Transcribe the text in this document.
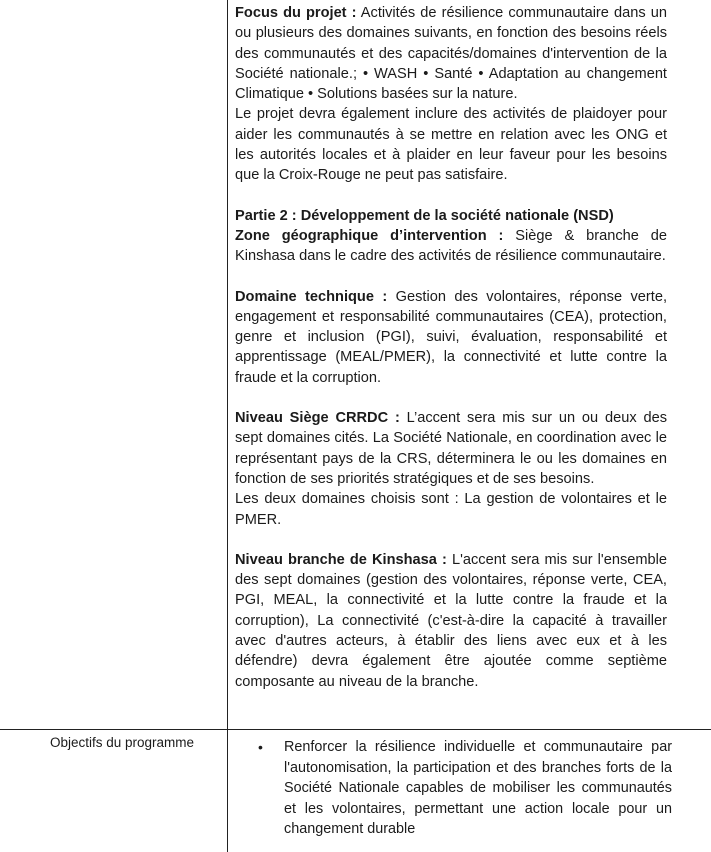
Focus du projet : Activités de résilience communautaire dans un ou plusieurs des domaines suivants, en fonction des besoins réels des communautés et des capacités/domaines d'intervention de la Société nationale.; • WASH • Santé • Adaptation au changement Climatique • Solutions basées sur la nature.

Le projet devra également inclure des activités de plaidoyer pour aider les communautés à se mettre en relation avec les ONG et les autorités locales et à plaider en leur faveur pour les besoins que la Croix-Rouge ne peut pas satisfaire.

Partie 2 : Développement de la société nationale (NSD)

Zone géographique d’intervention : Siège & branche de Kinshasa dans le cadre des activités de résilience communautaire.

Domaine technique : Gestion des volontaires, réponse verte, engagement et responsabilité communautaires (CEA), protection, genre et inclusion (PGI), suivi, évaluation, responsabilité et apprentissage (MEAL/PMER), la connectivité et lutte contre la fraude et la corruption.

Niveau Siège CRRDC : L’accent sera mis sur un ou deux des sept domaines cités. La Société Nationale, en coordination avec le représentant pays de la CRS, déterminera le ou les domaines en fonction de ses priorités stratégiques et de ses besoins.

Les deux domaines choisis sont : La gestion de volontaires et le PMER.

Niveau branche de Kinshasa : L'accent sera mis sur l'ensemble des sept domaines (gestion des volontaires, réponse verte, CEA, PGI, MEAL, la connectivité et la lutte contre la fraude et la corruption), La connectivité (c'est-à-dire la capacité à travailler avec d'autres acteurs, à établir des liens avec eux et à les défendre) devra également être ajoutée comme septième composante au niveau de la branche.

Objectifs du programme	• Renforcer la résilience individuelle et communautaire par l'autonomisation, la participation et des branches forts de la Société Nationale capables de mobiliser les communautés et les volontaires, permettant une action locale pour un changement durable
